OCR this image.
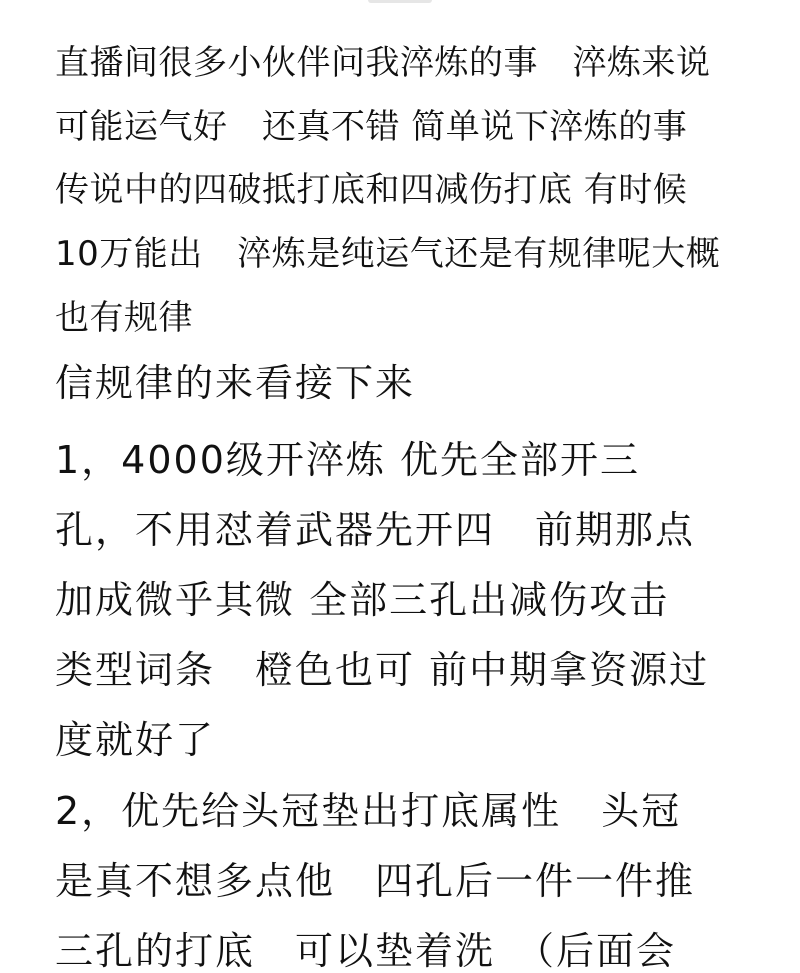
直播间很多小伙伴问我淬炼的事　淬炼来说
可能运气好　还真不错 简单说下淬炼的事
传说中的四破抵打底和四减伤打底 有时候
10万能出　淬炼是纯运气还是有规律呢大概
也有规律
信规律的来看接下来
1，4000级开淬炼 优先全部开三
孔，不用怼着武器先开四　前期那点
加成微乎其微 全部三孔出减伤攻击
类型词条　橙色也可 前中期拿资源过
度就好了
2，优先给头冠垫出打底属性　头冠
是真不想多点他　四孔后一件一件推
三孔的打底　可以垫着洗　（后面会
